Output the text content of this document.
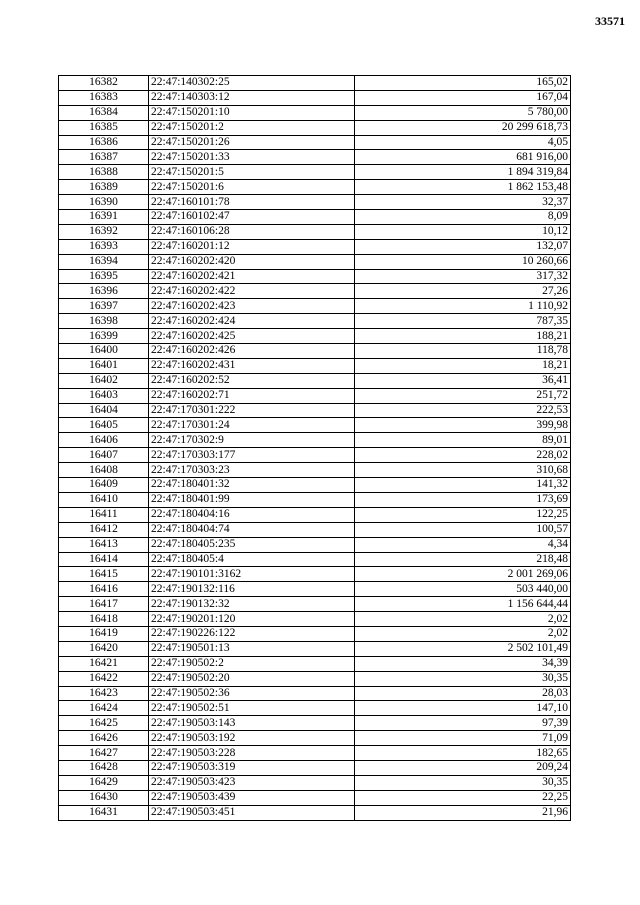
33571
16382	22:47:140302:25	165,02
16383	22:47:140303:12	167,04
16384	22:47:150201:10	5 780,00
16385	22:47:150201:2	20 299 618,73
16386	22:47:150201:26	4,05
16387	22:47:150201:33	681 916,00
16388	22:47:150201:5	1 894 319,84
16389	22:47:150201:6	1 862 153,48
16390	22:47:160101:78	32,37
16391	22:47:160102:47	8,09
16392	22:47:160106:28	10,12
16393	22:47:160201:12	132,07
16394	22:47:160202:420	10 260,66
16395	22:47:160202:421	317,32
16396	22:47:160202:422	27,26
16397	22:47:160202:423	1 110,92
16398	22:47:160202:424	787,35
16399	22:47:160202:425	188,21
16400	22:47:160202:426	118,78
16401	22:47:160202:431	18,21
16402	22:47:160202:52	36,41
16403	22:47:160202:71	251,72
16404	22:47:170301:222	222,53
16405	22:47:170301:24	399,98
16406	22:47:170302:9	89,01
16407	22:47:170303:177	228,02
16408	22:47:170303:23	310,68
16409	22:47:180401:32	141,32
16410	22:47:180401:99	173,69
16411	22:47:180404:16	122,25
16412	22:47:180404:74	100,57
16413	22:47:180405:235	4,34
16414	22:47:180405:4	218,48
16415	22:47:190101:3162	2 001 269,06
16416	22:47:190132:116	503 440,00
16417	22:47:190132:32	1 156 644,44
16418	22:47:190201:120	2,02
16419	22:47:190226:122	2,02
16420	22:47:190501:13	2 502 101,49
16421	22:47:190502:2	34,39
16422	22:47:190502:20	30,35
16423	22:47:190502:36	28,03
16424	22:47:190502:51	147,10
16425	22:47:190503:143	97,39
16426	22:47:190503:192	71,09
16427	22:47:190503:228	182,65
16428	22:47:190503:319	209,24
16429	22:47:190503:423	30,35
16430	22:47:190503:439	22,25
16431	22:47:190503:451	21,96
